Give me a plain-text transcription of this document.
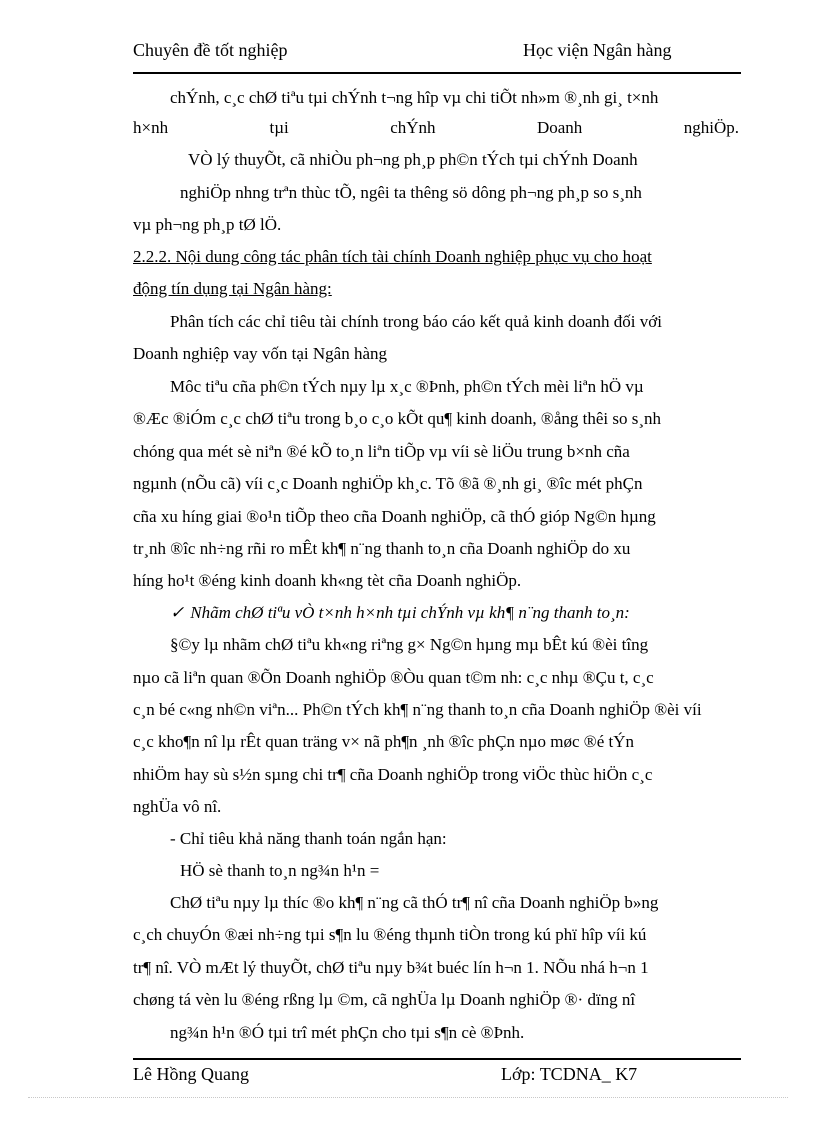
Chuyên đề tốt nghiệp	Học viện Ngân hàng
chÝnh, c¸c chØ tiªu tµi chÝnh t¬ng hîp vµ chi tiÕt nh»m ®¸nh gi¸ t×nh
h×nh tµi chÝnh Doanh nghiÖp.
VÒ lý thuyÕt, cã nhiÒu ph¬ng ph¸p ph©n tÝch tµi chÝnh Doanh
nghiÖp nhng trªn thùc tÕ, ngêi ta thêng sö dông ph¬ng ph¸p so s¸nh
vµ ph¬ng ph¸p tØ lÖ.
2.2.2. Nội dung công tác phân tích tài chính Doanh nghiệp phục vụ cho hoạt
động tín dụng tại Ngân hàng:
Phân tích các chỉ tiêu tài chính trong báo cáo kết quả kinh doanh đối với
Doanh nghiệp vay vốn tại Ngân hàng
Môc tiªu cña ph©n tÝch nµy lµ x¸c ®Þnh, ph©n tÝch mèi liªn hÖ vµ
®Æc ®iÓm c¸c chØ tiªu trong b¸o c¸o kÕt qu¶ kinh doanh, ®ång thêi so s¸nh
chóng qua mét sè niªn ®é kÕ to¸n liªn tiÕp vµ víi sè liÖu trung b×nh cña
ngµnh (nÕu cã) víi c¸c Doanh nghiÖp kh¸c. Tõ ®ã ®¸nh gi¸ ®îc mét phÇn
cña xu híng giai ®o¹n tiÕp theo cña Doanh nghiÖp, cã thÓ gióp Ng©n hµng
tr¸nh ®îc nh÷ng rñi ro mÊt kh¶ n¨ng thanh to¸n cña Doanh nghiÖp do xu
híng ho¹t ®éng kinh doanh kh«ng tèt cña Doanh nghiÖp.
✓ Nhãm chØ tiªu vÒ t×nh h×nh tµi chÝnh vµ kh¶ n¨ng thanh to¸n:
§©y lµ nhãm chØ tiªu kh«ng riªng g× Ng©n hµng mµ bÊt kú ®èi tîng
nµo cã liªn quan ®Õn Doanh nghiÖp ®Òu quan t©m nh: c¸c nhµ ®Çu t, c¸c
c¸n bé c«ng nh©n viªn... Ph©n tÝch kh¶ n¨ng thanh to¸n cña Doanh nghiÖp ®èi víi
c¸c kho¶n nî lµ rÊt quan träng v× nã ph¶n ¸nh ®îc phÇn nµo møc ®é tÝn
nhiÖm hay sù s½n sµng chi tr¶ cña Doanh nghiÖp trong viÖc thùc hiÖn c¸c
nghÜa vô nî.
- Chỉ tiêu khả năng thanh toán ngắn hạn:
HÖ sè thanh to¸n ng¾n h¹n =
ChØ tiªu nµy lµ thíc ®o kh¶ n¨ng cã thÓ tr¶ nî cña Doanh nghiÖp b»ng
c¸ch chuyÓn ®æi nh÷ng tµi s¶n lu ®éng thµnh tiÒn trong kú phï hîp víi kú
tr¶ nî. VÒ mÆt lý thuyÕt, chØ tiªu nµy b¾t buéc lín h¬n 1. NÕu nhá h¬n 1
chøng tá vèn lu ®éng rßng lµ ©m, cã nghÜa lµ Doanh nghiÖp ®· dïng nî
ng¾n h¹n ®Ó tµi trî mét phÇn cho tµi s¶n cè ®Þnh.
Lê Hồng Quang	Lớp: TCDNA_ K7
